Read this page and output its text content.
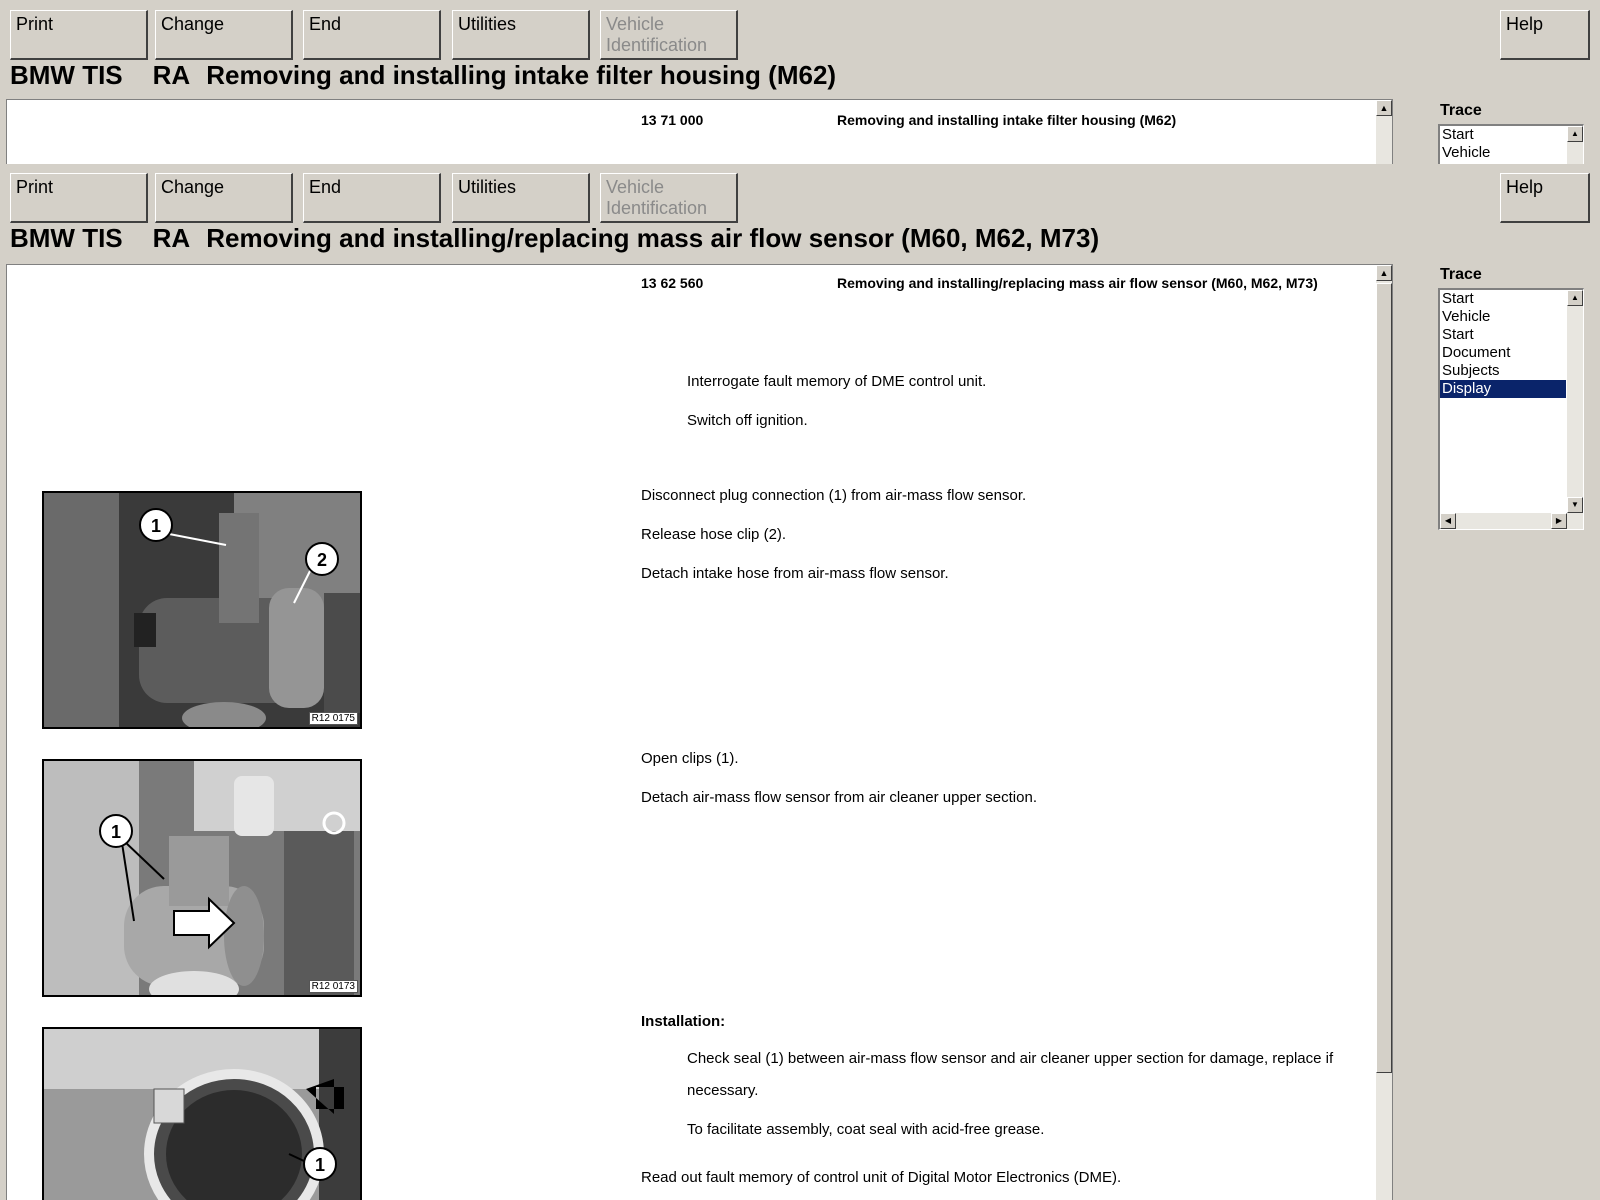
Print	Change	End	Utilities	Vehicle Identification
Help
BMW TIS RA Removing and installing intake filter housing (M62)
13 71 000	Removing and installing intake filter housing (M62)
▲	Trace
Start
Vehicle
▲
Print	Change	End	Utilities	Vehicle Identification
Help
BMW TIS RA Removing and installing/replacing mass air flow sensor (M60, M62, M73)
13 62 560	Removing and installing/replacing mass air flow sensor (M60, M62, M73)
Interrogate fault memory of DME control unit.
Switch off ignition.
1
2
R12 0175
Disconnect plug connection (1) from air-mass flow sensor.
Release hose clip (2).
Detach intake hose from air-mass flow sensor.
1
R12 0173
Open clips (1).
Detach air-mass flow sensor from air cleaner upper section.
1
Installation:
Check seal (1) between air-mass flow sensor and air cleaner upper section for damage, replace if necessary.
To facilitate assembly, coat seal with acid-free grease.
Read out fault memory of control unit of Digital Motor Electronics (DME).
▲	Trace
Start
Vehicle
Start
Document
Subjects
Display
▲
▼
◀	▶
